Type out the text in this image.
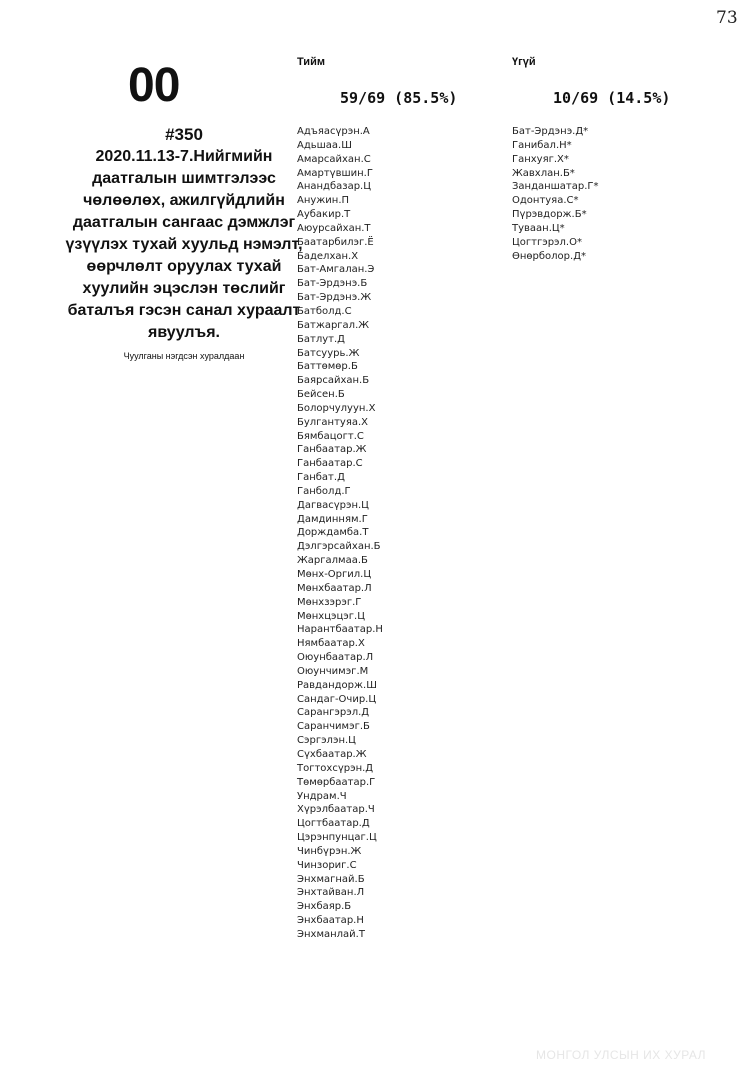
73
00
#350
2020.11.13-7.Нийгмийн даатгалын шимтгэлээс чөлөөлөх, ажилгүйдлийн даатгалын сангаас дэмжлэг үзүүлэх тухай хуульд нэмэлт, өөрчлөлт оруулах тухай хуулийн эцэслэн төслийг баталъя гэсэн санал хураалт явуулъя.
Чуулганы нэгдсэн хуралдаан
Тийм
59/69 (85.5%)
Адъяасүрэн.А
Адьшаа.Ш
Амарсайхан.С
Амартүвшин.Г
Анандбазар.Ц
Анужин.П
Аубакир.Т
Аюурсайхан.Т
Баатарбилэг.Ё
Баделхан.Х
Бат-Амгалан.Э
Бат-Эрдэнэ.Б
Бат-Эрдэнэ.Ж
Батболд.С
Батжаргал.Ж
Батлут.Д
Батсуурь.Ж
Баттөмөр.Б
Баярсайхан.Б
Бейсен.Б
Болорчулуун.Х
Булгантуяа.Х
Бямбацогт.С
Ганбаатар.Ж
Ганбаатар.С
Ганбат.Д
Ганболд.Г
Дагвасүрэн.Ц
Дамдинням.Г
Дорждамба.Т
Дэлгэрсайхан.Б
Жаргалмаа.Б
Мөнх-Оргил.Ц
Мөнхбаатар.Л
Мөнхзэрэг.Г
Мөнхцэцэг.Ц
Нарантбаатар.Н
Нямбаатар.Х
Оюунбаатар.Л
Оюунчимэг.М
Равдандорж.Ш
Сандаг-Очир.Ц
Сарангэрэл.Д
Саранчимэг.Б
Сэргэлэн.Ц
Сүхбаатар.Ж
Тогтохсүрэн.Д
Төмөрбаатар.Г
Ундрам.Ч
Хүрэлбаатар.Ч
Цогтбаатар.Д
Цэрэнпунцаг.Ц
Чинбүрэн.Ж
Чинзориг.С
Энхмагнай.Б
Энхтайван.Л
Энхбаяр.Б
Энхбаатар.Н
Энхманлай.Т
Үгүй
10/69 (14.5%)
Бат-Эрдэнэ.Д*
Ганибал.Н*
Ганхуяг.Х*
Жавхлан.Б*
Занданшатар.Г*
Одонтуяа.С*
Пүрэвдорж.Б*
Туваан.Ц*
Цогтгэрэл.О*
Өнөрболор.Д*
МОНГОЛ УЛСЫН ИХ ХУРАЛ
